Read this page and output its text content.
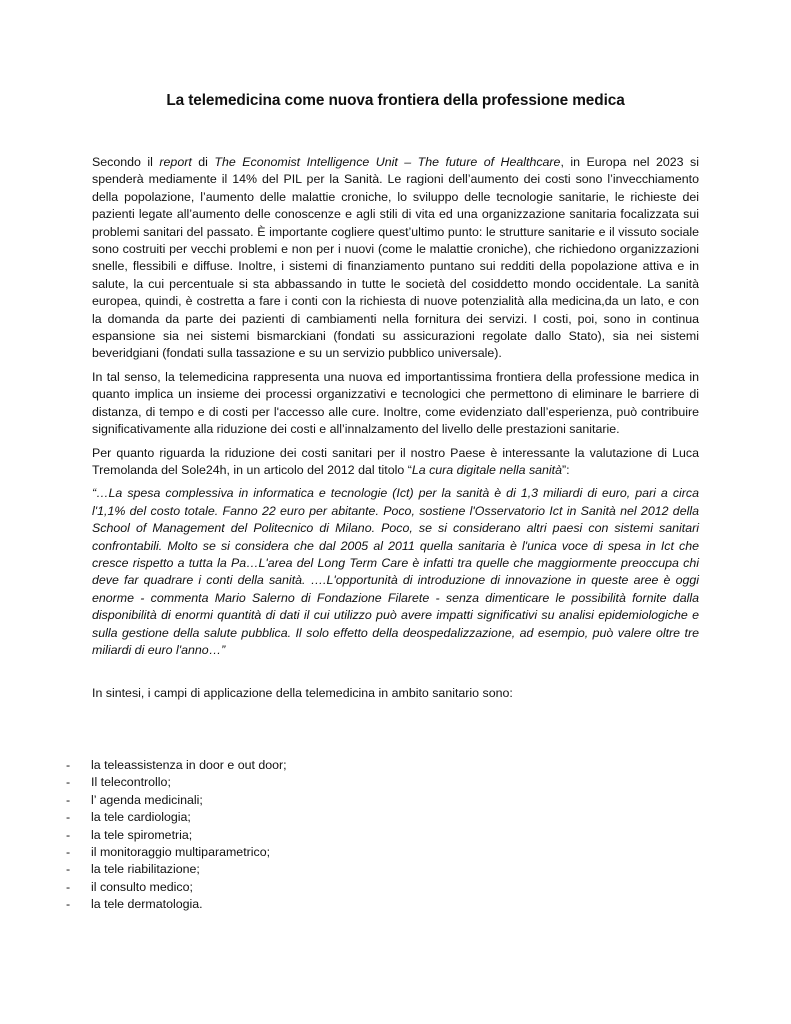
La telemedicina come nuova frontiera della professione medica

Secondo il report di The Economist Intelligence Unit – The future of Healthcare, in Europa nel 2023 si spenderà mediamente il 14% del PIL per la Sanità. Le ragioni dell’aumento dei costi sono l’invecchiamento della popolazione, l’aumento delle malattie croniche, lo sviluppo delle tecnologie sanitarie, le richieste dei pazienti legate all’aumento delle conoscenze e agli stili di vita ed una organizzazione sanitaria focalizzata sui problemi sanitari del passato. È importante cogliere quest’ultimo punto: le strutture sanitarie e il vissuto sociale sono costruiti per vecchi problemi e non per i nuovi (come le malattie croniche), che richiedono organizzazioni snelle, flessibili e diffuse. Inoltre, i sistemi di finanziamento puntano sui redditi della popolazione attiva e in salute, la cui percentuale si sta abbassando in tutte le società del cosiddetto mondo occidentale. La sanità europea, quindi, è costretta a fare i conti con la richiesta di nuove potenzialità alla medicina,da un lato, e con la domanda da parte dei pazienti di cambiamenti nella fornitura dei servizi. I costi, poi, sono in continua espansione sia nei sistemi bismarckiani (fondati su assicurazioni regolate dallo Stato), sia nei sistemi beveridgiani (fondati sulla tassazione e su un servizio pubblico universale).

In tal senso, la telemedicina rappresenta una nuova ed importantissima frontiera della professione medica in quanto implica un insieme dei processi organizzativi e tecnologici che permettono di eliminare le barriere di distanza, di tempo e di costi per l'accesso alle cure. Inoltre, come evidenziato dall’esperienza, può contribuire significativamente alla riduzione dei costi e all’innalzamento del livello delle prestazioni sanitarie.

Per quanto riguarda la riduzione dei costi sanitari per il nostro Paese è interessante la valutazione di Luca Tremolanda del Sole24h, in un articolo del 2012 dal titolo “La cura digitale nella sanità”:

“…La spesa complessiva in informatica e tecnologie (Ict) per la sanità è di 1,3 miliardi di euro, pari a circa l'1,1% del costo totale. Fanno 22 euro per abitante. Poco, sostiene l'Osservatorio Ict in Sanità nel 2012 della School of Management del Politecnico di Milano. Poco, se si considerano altri paesi con sistemi sanitari confrontabili. Molto se si considera che dal 2005 al 2011 quella sanitaria è l'unica voce di spesa in Ict che cresce rispetto a tutta la Pa…L'area del Long Term Care è infatti tra quelle che maggiormente preoccupa chi deve far quadrare i conti della sanità. ….L'opportunità di introduzione di innovazione in queste aree è oggi enorme - commenta Mario Salerno di Fondazione Filarete - senza dimenticare le possibilità fornite dalla disponibilità di enormi quantità di dati il cui utilizzo può avere impatti significativi su analisi epidemiologiche e sulla gestione della salute pubblica. Il solo effetto della deospedalizzazione, ad esempio, può valere oltre tre miliardi di euro l'anno…”

In sintesi, i campi di applicazione della telemedicina in ambito sanitario sono:

- la teleassistenza in door e out door;
- Il telecontrollo;
- l’ agenda medicinali;
- la tele cardiologia;
- la tele spirometria;
- il monitoraggio multiparametrico;
- la tele riabilitazione;
- il consulto medico;
- la tele dermatologia.
